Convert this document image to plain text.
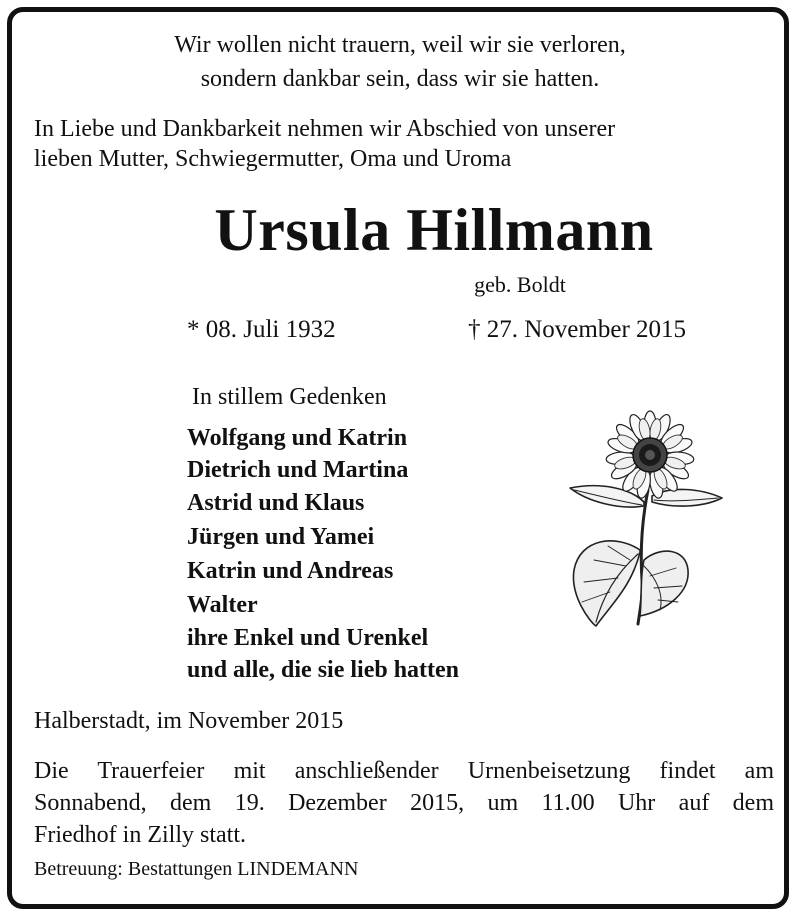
Wir wollen nicht trauern, weil wir sie verloren,
sondern dankbar sein, dass wir sie hatten.
In Liebe und Dankbarkeit nehmen wir Abschied von unserer
lieben Mutter, Schwiegermutter, Oma und Uroma
Ursula Hillmann
geb. Boldt
* 08. Juli 1932	† 27. November 2015
In stillem Gedenken
Wolfgang und Katrin
Dietrich und Martina
Astrid und Klaus
Jürgen und Yamei
Katrin und Andreas
Walter
ihre Enkel und Urenkel
und alle, die sie lieb hatten
Halberstadt, im November 2015
Die Trauerfeier mit anschließender Urnenbeisetzung findet am
Sonnabend, dem 19. Dezember 2015, um 11.00 Uhr auf dem
Friedhof in Zilly statt.
Betreuung: Bestattungen LINDEMANN
